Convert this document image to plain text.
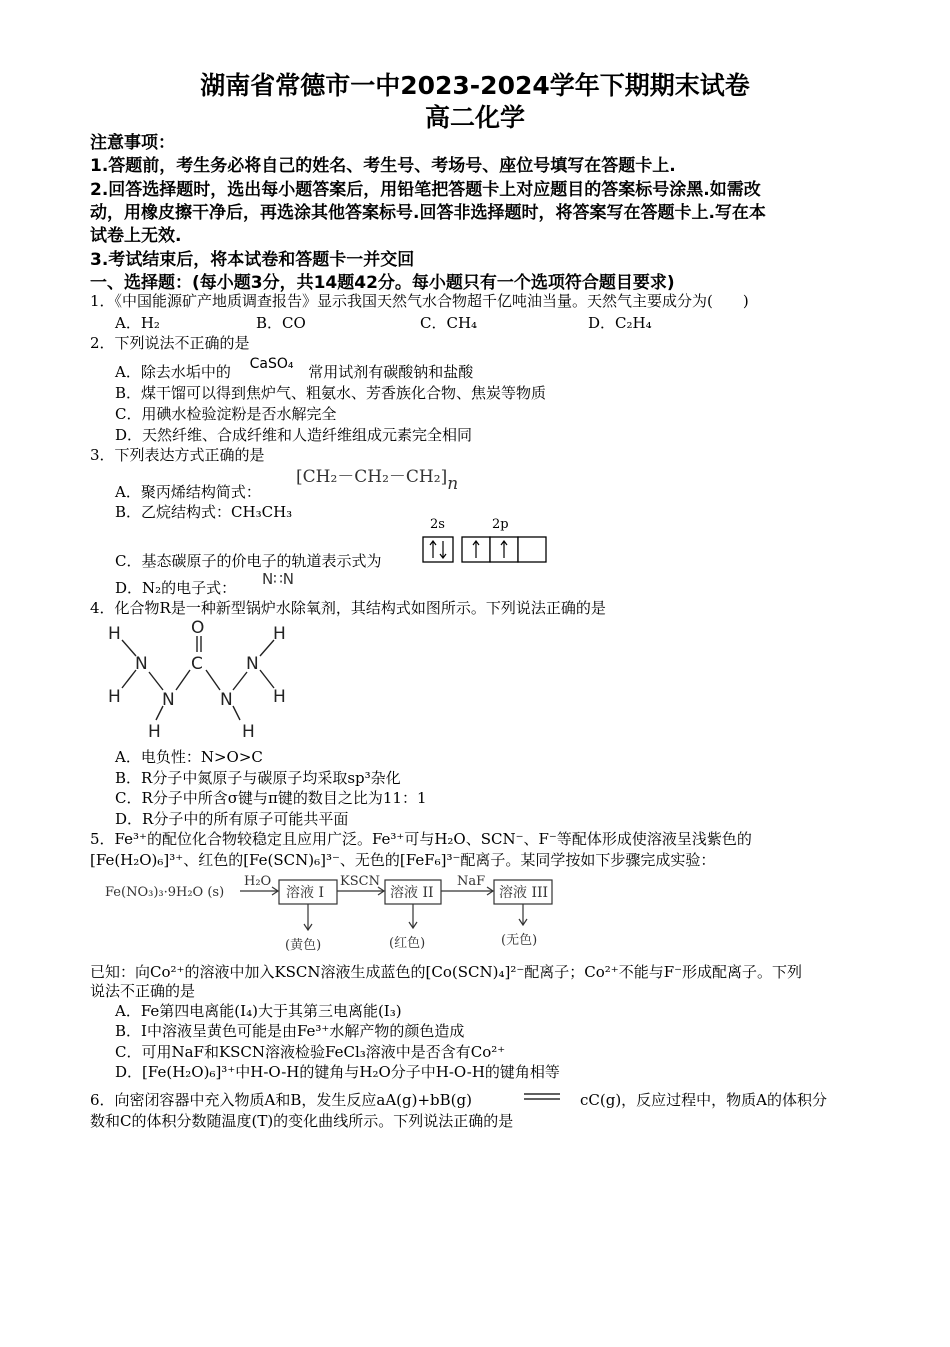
湖南省常德市一中2023-2024学年下期期末试卷
高二化学
注意事项：
1.答题前，考生务必将自己的姓名、考生号、考场号、座位号填写在答题卡上.
2.回答选择题时，选出每小题答案后，用铅笔把答题卡上对应题目的答案标号涂黑.如需改
动，用橡皮擦干净后，再选涂其他答案标号.回答非选择题时，将答案写在答题卡上.写在本
试卷上无效.
3.考试结束后，将本试卷和答题卡一并交回
一、选择题：(每小题3分，共14题42分。每小题只有一个选项符合题目要求)
1．《中国能源矿产地质调查报告》显示我国天然气水合物超千亿吨油当量。天然气主要成分为(　　)
A．H₂	B．CO	C．CH₄	D．C₂H₄
2．下列说法不正确的是
A．除去水垢中的 CaSO₄ 常用试剂有碳酸钠和盐酸
B．煤干馏可以得到焦炉气、粗氨水、芳香族化合物、焦炭等物质
C．用碘水检验淀粉是否水解完全
D．天然纤维、合成纤维和人造纤维组成元素完全相同
3．下列表达方式正确的是
A．聚丙烯结构简式：
[CH₂－CH₂－CH₂]n
B．乙烷结构式：CH₃CH₃
C．基态碳原子的价电子的轨道表示式为
2s	2p
D．N₂的电子式： N∷N
4．化合物R是一种新型锅炉水除氧剂，其结构式如图所示。下列说法正确的是
O
C
N	N
N	N
H
H
H
H
H	H
A．电负性：N>O>C
B．R分子中氮原子与碳原子均采取sp³杂化
C．R分子中所含σ键与π键的数目之比为11：1
D．R分子中的所有原子可能共平面
5．Fe³⁺的配位化合物较稳定且应用广泛。Fe³⁺可与H₂O、SCN⁻、F⁻等配体形成使溶液呈浅紫色的
[Fe(H₂O)₆]³⁺、红色的[Fe(SCN)₆]³⁻、无色的[FeF₆]³⁻配离子。某同学按如下步骤完成实验：
Fe(NO₃)₃·9H₂O (s)
H₂O	KSCN	NaF
溶液 I	溶液 II	溶液 III
(黄色)	(红色)	(无色)
已知：向Co²⁺的溶液中加入KSCN溶液生成蓝色的[Co(SCN)₄]²⁻配离子；Co²⁺不能与F⁻形成配离子。下列
说法不正确的是
A．Fe第四电离能(I₄)大于其第三电离能(I₃)
B．Ⅰ中溶液呈黄色可能是由Fe³⁺水解产物的颜色造成
C．可用NaF和KSCN溶液检验FeCl₃溶液中是否含有Co²⁺
D．[Fe(H₂O)₆]³⁺中H-O-H的键角与H₂O分子中H-O-H的键角相等
6．向密闭容器中充入物质A和B，发生反应aA(g)+bB(g)	cC(g)，反应过程中，物质A的体积分
数和C的体积分数随温度(T)的变化曲线所示。下列说法正确的是
